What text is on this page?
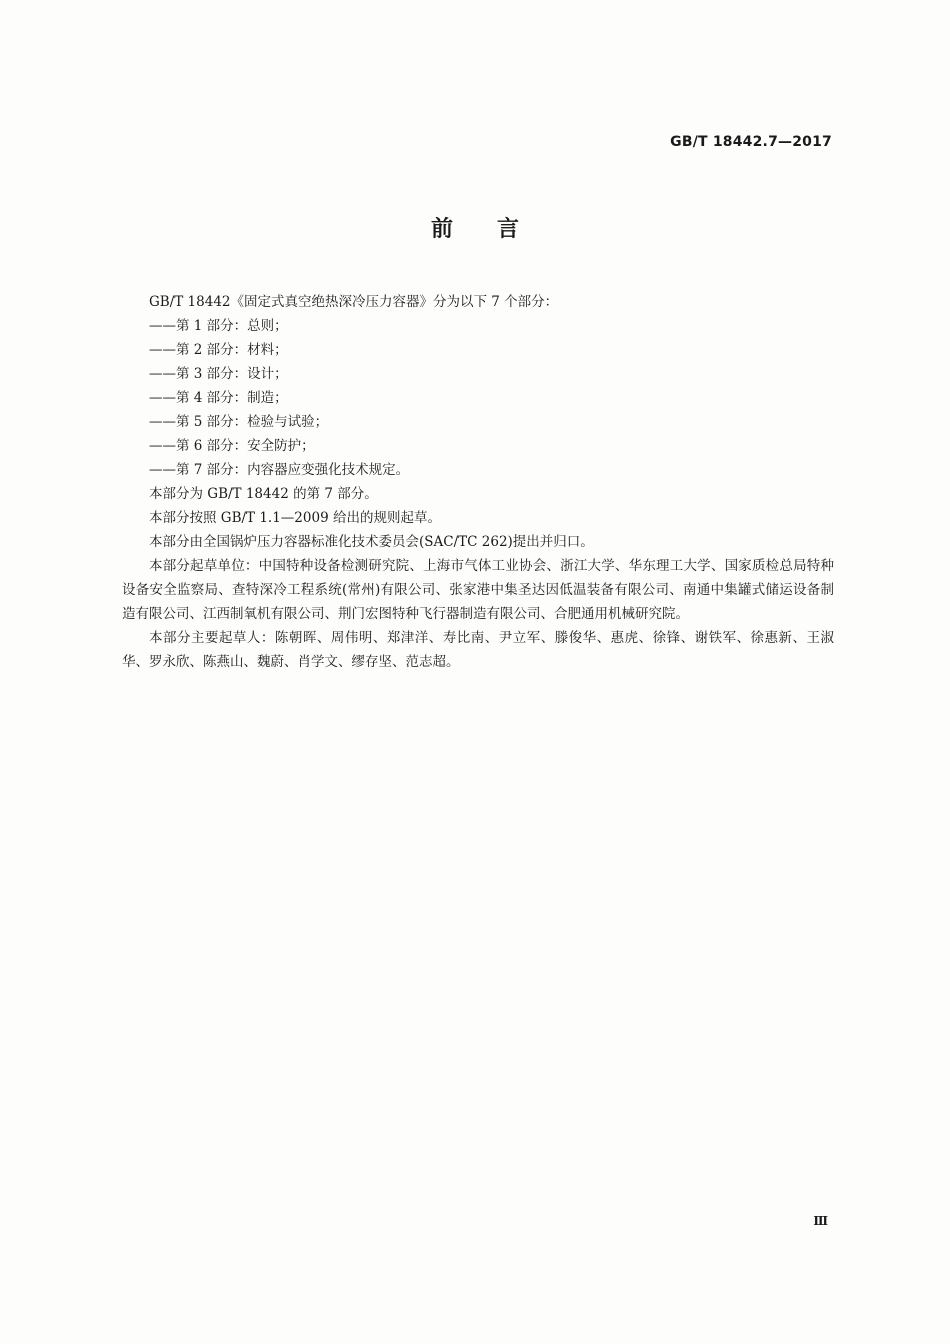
GB/T 18442.7—2017
前言

GB/T 18442《固定式真空绝热深冷压力容器》分为以下 7 个部分：

——第 1 部分：总则；

——第 2 部分：材料；

——第 3 部分：设计；

——第 4 部分：制造；

——第 5 部分：检验与试验；

——第 6 部分：安全防护；

——第 7 部分：内容器应变强化技术规定。

本部分为 GB/T 18442 的第 7 部分。

本部分按照 GB/T 1.1—2009 给出的规则起草。

本部分由全国锅炉压力容器标准化技术委员会(SAC/TC 262)提出并归口。

本部分起草单位：中国特种设备检测研究院、上海市气体工业协会、浙江大学、华东理工大学、国家质检总局特种设备安全监察局、查特深冷工程系统(常州)有限公司、张家港中集圣达因低温装备有限公司、南通中集罐式储运设备制造有限公司、江西制氧机有限公司、荆门宏图特种飞行器制造有限公司、合肥通用机械研究院。

本部分主要起草人：陈朝晖、周伟明、郑津洋、寿比南、尹立军、滕俊华、惠虎、徐锋、谢铁军、徐惠新、王淑华、罗永欣、陈燕山、魏蔚、肖学文、缪存坚、范志超。

Ⅲ
